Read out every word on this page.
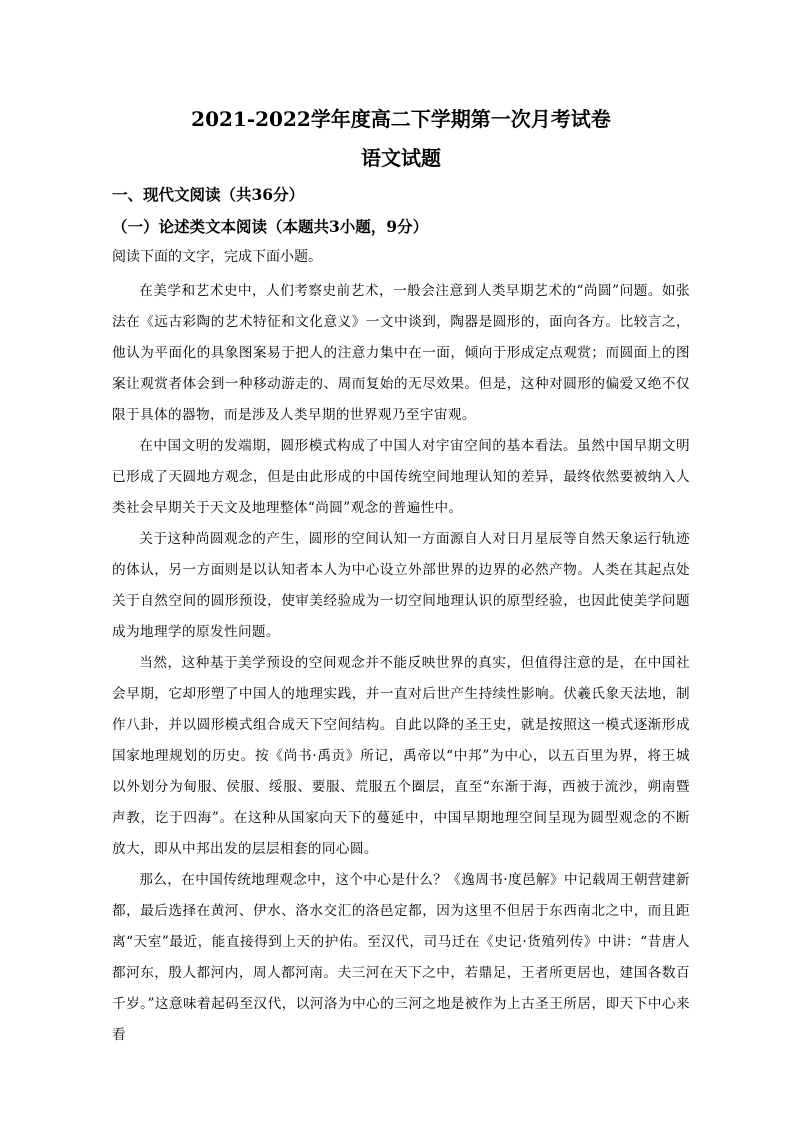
2021-2022学年度高二下学期第一次月考试卷
语文试题
一、现代文阅读（共36分）
（一）论述类文本阅读（本题共3小题，9分）
阅读下面的文字，完成下面小题。

在美学和艺术史中，人们考察史前艺术，一般会注意到人类早期艺术的“尚圆”问题。如张法在《远古彩陶的艺术特征和文化意义》一文中谈到，陶器是圆形的，面向各方。比较言之，他认为平面化的具象图案易于把人的注意力集中在一面，倾向于形成定点观赏；而圆面上的图案让观赏者体会到一种移动游走的、周而复始的无尽效果。但是，这种对圆形的偏爱又绝不仅限于具体的器物，而是涉及人类早期的世界观乃至宇宙观。

在中国文明的发端期，圆形模式构成了中国人对宇宙空间的基本看法。虽然中国早期文明已形成了天圆地方观念，但是由此形成的中国传统空间地理认知的差异，最终依然要被纳入人类社会早期关于天文及地理整体“尚圆”观念的普遍性中。

关于这种尚圆观念的产生，圆形的空间认知一方面源自人对日月星辰等自然天象运行轨迹的体认，另一方面则是以认知者本人为中心设立外部世界的边界的必然产物。人类在其起点处关于自然空间的圆形预设，使审美经验成为一切空间地理认识的原型经验，也因此使美学问题成为地理学的原发性问题。

当然，这种基于美学预设的空间观念并不能反映世界的真实，但值得注意的是，在中国社会早期，它却形塑了中国人的地理实践，并一直对后世产生持续性影响。伏羲氏象天法地，制作八卦，并以圆形模式组合成天下空间结构。自此以降的圣王史，就是按照这一模式逐渐形成国家地理规划的历史。按《尚书·禹贡》所记，禹帝以“中邦”为中心，以五百里为界，将王城以外划分为甸服、侯服、绥服、要服、荒服五个圈层，直至“东渐于海，西被于流沙，朔南暨声教，讫于四海”。在这种从国家向天下的蔓延中，中国早期地理空间呈现为圆型观念的不断放大，即从中邦出发的层层相套的同心圆。

那么，在中国传统地理观念中，这个中心是什么？《逸周书·度邑解》中记载周王朝营建新都，最后选择在黄河、伊水、洛水交汇的洛邑定都，因为这里不但居于东西南北之中，而且距离“天室”最近，能直接得到上天的护佑。至汉代，司马迁在《史记·货殖列传》中讲：“昔唐人都河东，殷人都河内，周人都河南。夫三河在天下之中，若鼎足，王者所更居也，建国各数百千岁。”这意味着起码至汉代，以河洛为中心的三河之地是被作为上古圣王所居，即天下中心来看
